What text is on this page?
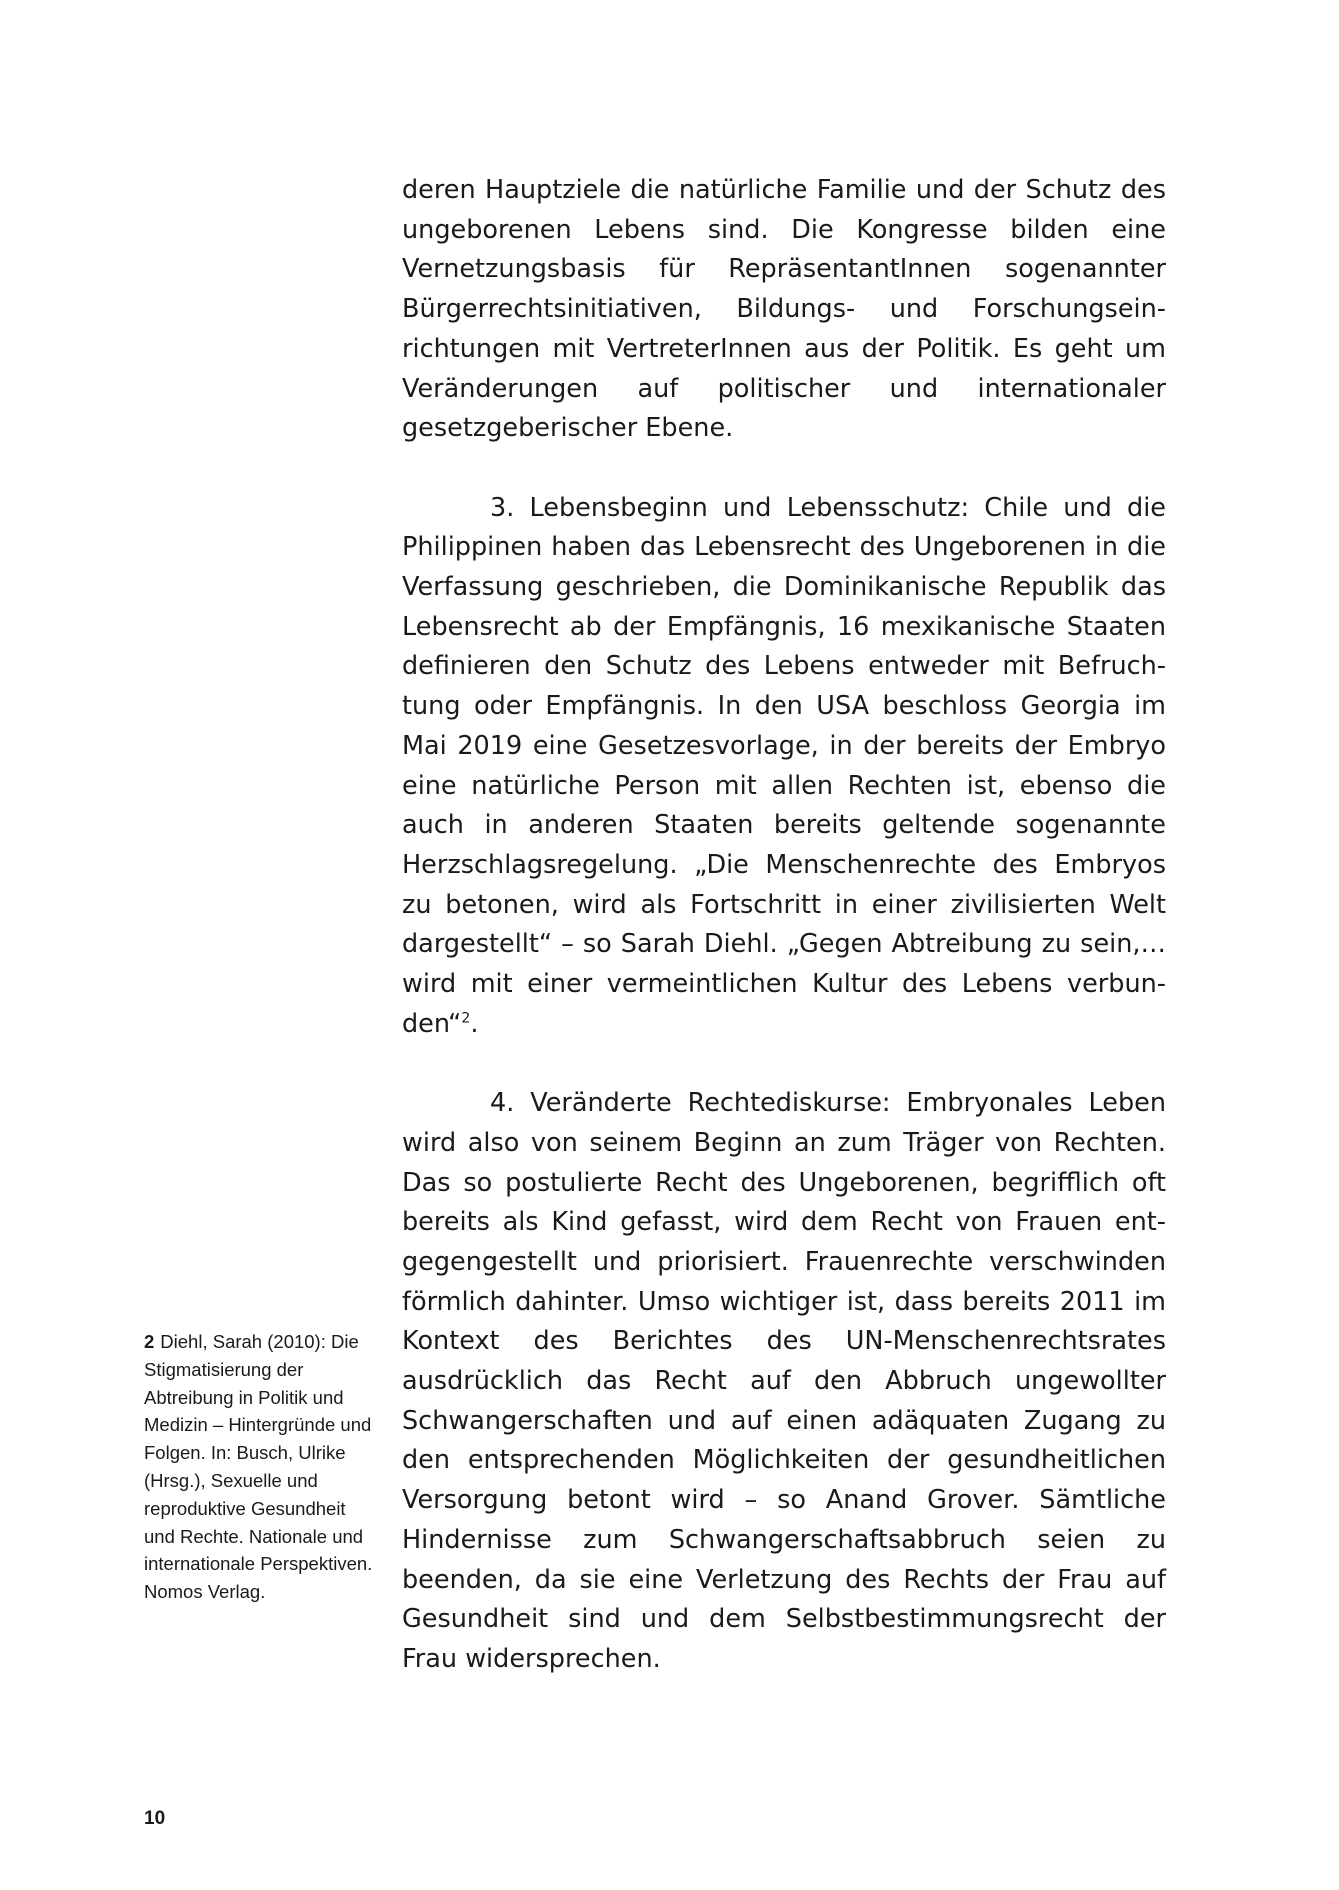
deren Hauptziele die natürliche Familie und der Schutz des ungeborenen Lebens sind. Die Kongresse bilden eine Vernetzungsbasis für RepräsentantInnen sogenannter Bürgerrechtsinitiativen, Bildungs- und Forschungseinrichtungen mit VertreterInnen aus der Politik. Es geht um Veränderungen auf politischer und internationaler gesetzgeberischer Ebene.

3. Lebensbeginn und Lebensschutz: Chile und die Philippinen haben das Lebensrecht des Ungeborenen in die Verfassung geschrieben, die Dominikanische Republik das Lebensrecht ab der Empfängnis, 16 mexikanische Staaten definieren den Schutz des Lebens entweder mit Befruchtung oder Empfängnis. In den USA beschloss Georgia im Mai 2019 eine Gesetzesvorlage, in der bereits der Embryo eine natürliche Person mit allen Rechten ist, ebenso die auch in anderen Staaten bereits geltende sogenannte Herzschlagsregelung. „Die Menschenrechte des Embryos zu betonen, wird als Fortschritt in einer zivilisierten Welt dargestellt“ – so Sarah Diehl. „Gegen Abtreibung zu sein,… wird mit einer vermeintlichen Kultur des Lebens verbunden“$^2$.

4. Veränderte Rechtediskurse: Embryonales Leben wird also von seinem Beginn an zum Träger von Rechten. Das so postulierte Recht des Ungeborenen, begrifflich oft bereits als Kind gefasst, wird dem Recht von Frauen entgegengestellt und priorisiert. Frauenrechte verschwinden förmlich dahinter. Umso wichtiger ist, dass bereits 2011 im Kontext des Berichtes des UN-Menschenrechtsrates ausdrücklich das Recht auf den Abbruch ungewollter Schwangerschaften und auf einen adäquaten Zugang zu den entsprechenden Möglichkeiten der gesundheitlichen Versorgung betont wird – so Anand Grover. Sämtliche Hindernisse zum Schwangerschaftsabbruch seien zu beenden, da sie eine Verletzung des Rechts der Frau auf Gesundheit sind und dem Selbstbestimmungsrecht der Frau widersprechen.

2 Diehl, Sarah (2010): Die Stigmatisierung der Abtreibung in Politik und Medizin – Hintergründe und Folgen. In: Busch, Ulrike (Hrsg.), Sexuelle und reproduktive Gesundheit und Rechte. Nationale und internationale Perspektiven. Nomos Verlag.
10
